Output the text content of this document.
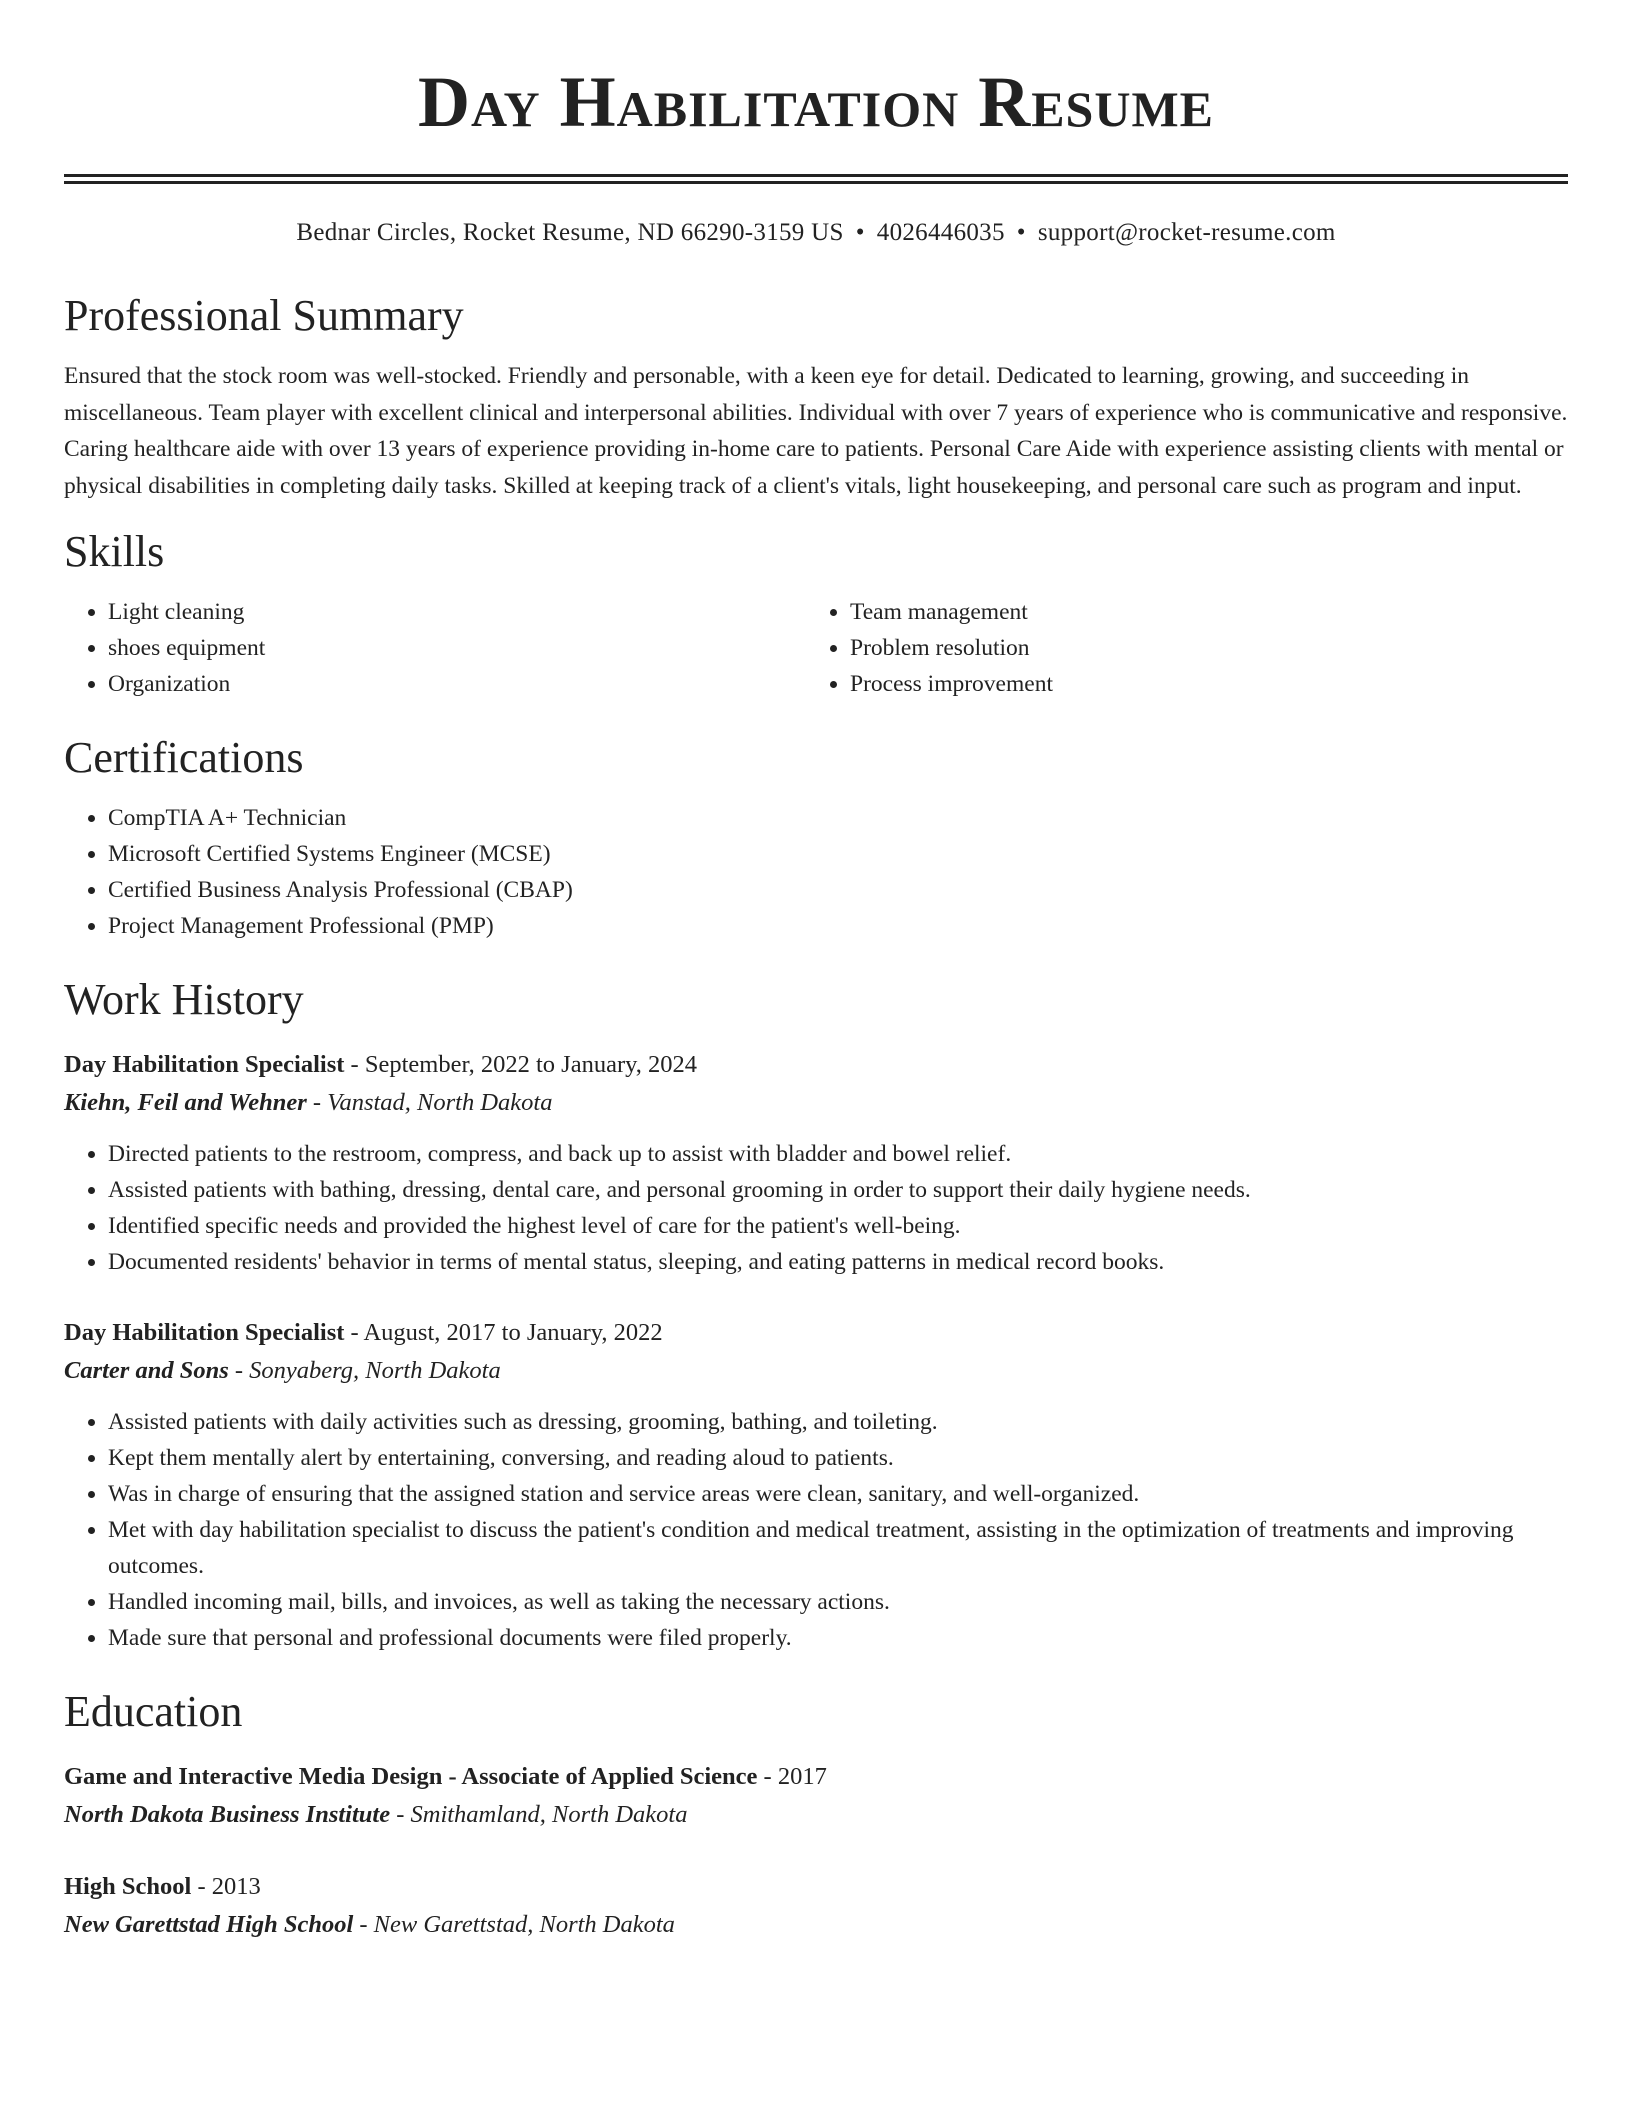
Day Habilitation Resume
Bednar Circles, Rocket Resume, ND 66290-3159 US • 4026446035 • support@rocket-resume.com
Professional Summary
Ensured that the stock room was well-stocked. Friendly and personable, with a keen eye for detail. Dedicated to learning, growing, and succeeding in miscellaneous. Team player with excellent clinical and interpersonal abilities. Individual with over 7 years of experience who is communicative and responsive. Caring healthcare aide with over 13 years of experience providing in-home care to patients. Personal Care Aide with experience assisting clients with mental or physical disabilities in completing daily tasks. Skilled at keeping track of a client's vitals, light housekeeping, and personal care such as program and input.
Skills
• Light cleaning
• shoes equipment
• Organization
• Team management
• Problem resolution
• Process improvement
Certifications
• CompTIA A+ Technician
• Microsoft Certified Systems Engineer (MCSE)
• Certified Business Analysis Professional (CBAP)
• Project Management Professional (PMP)
Work History
Day Habilitation Specialist - September, 2022 to January, 2024
Kiehn, Feil and Wehner - Vanstad, North Dakota
• Directed patients to the restroom, compress, and back up to assist with bladder and bowel relief.
• Assisted patients with bathing, dressing, dental care, and personal grooming in order to support their daily hygiene needs.
• Identified specific needs and provided the highest level of care for the patient's well-being.
• Documented residents' behavior in terms of mental status, sleeping, and eating patterns in medical record books.
Day Habilitation Specialist - August, 2017 to January, 2022
Carter and Sons - Sonyaberg, North Dakota
• Assisted patients with daily activities such as dressing, grooming, bathing, and toileting.
• Kept them mentally alert by entertaining, conversing, and reading aloud to patients.
• Was in charge of ensuring that the assigned station and service areas were clean, sanitary, and well-organized.
• Met with day habilitation specialist to discuss the patient's condition and medical treatment, assisting in the optimization of treatments and improving outcomes.
• Handled incoming mail, bills, and invoices, as well as taking the necessary actions.
• Made sure that personal and professional documents were filed properly.
Education
Game and Interactive Media Design - Associate of Applied Science - 2017
North Dakota Business Institute - Smithamland, North Dakota
High School - 2013
New Garettstad High School - New Garettstad, North Dakota
